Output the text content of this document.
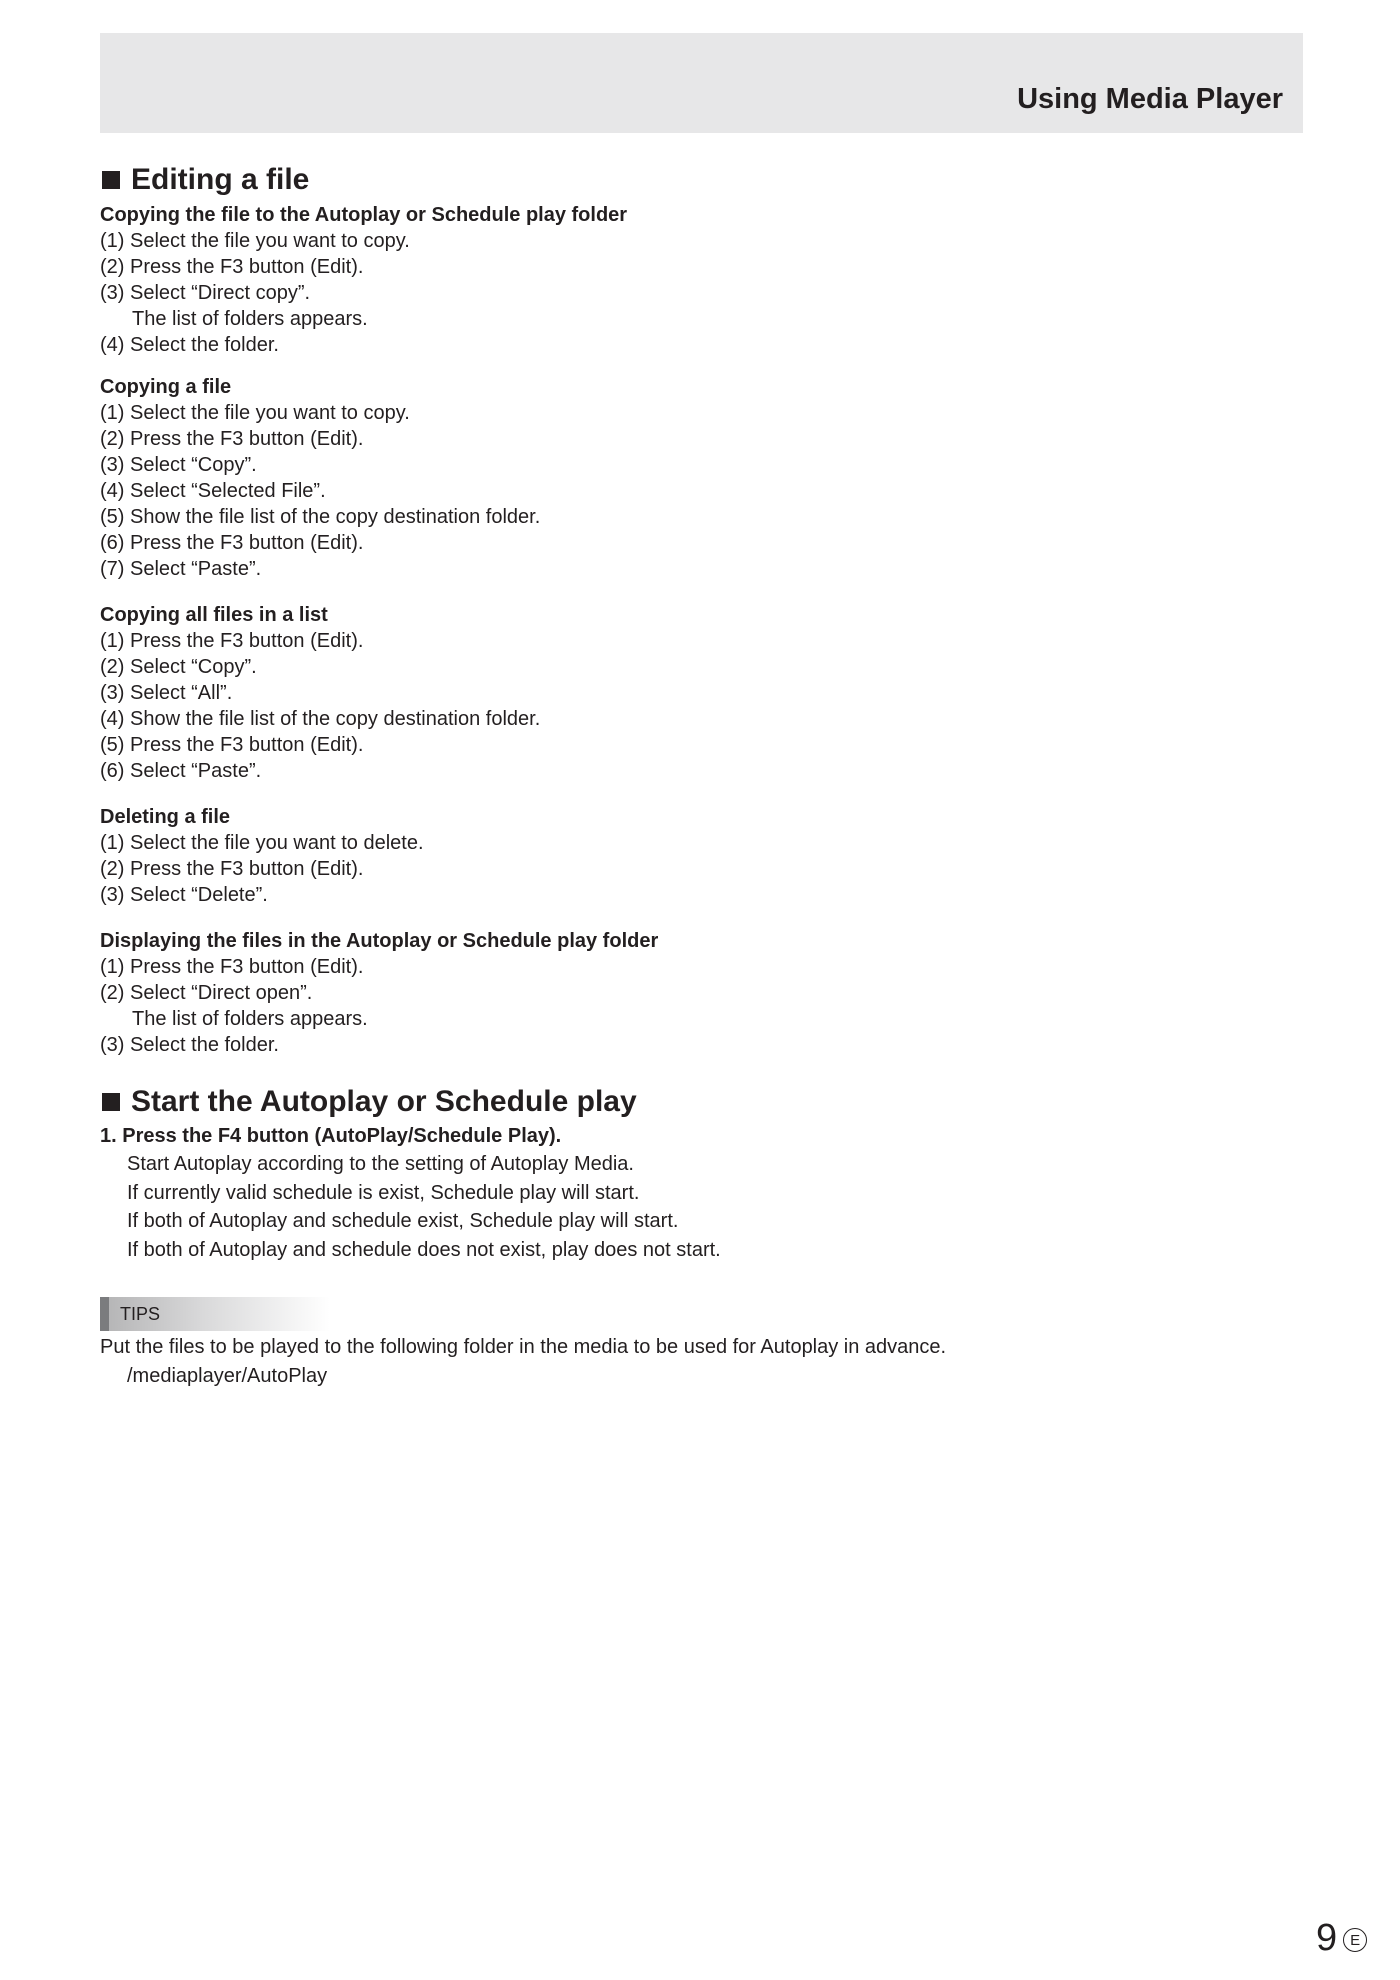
Using Media Player
Editing a file
Copying the file to the Autoplay or Schedule play folder
(1) Select the file you want to copy.
(2) Press the F3 button (Edit).
(3) Select “Direct copy”.
The list of folders appears.
(4) Select the folder.
Copying a file
(1) Select the file you want to copy.
(2) Press the F3 button (Edit).
(3) Select “Copy”.
(4) Select “Selected File”.
(5) Show the file list of the copy destination folder.
(6) Press the F3 button (Edit).
(7) Select “Paste”.
Copying all files in a list
(1) Press the F3 button (Edit).
(2) Select “Copy”.
(3) Select “All”.
(4) Show the file list of the copy destination folder.
(5) Press the F3 button (Edit).
(6) Select “Paste”.
Deleting a file
(1) Select the file you want to delete.
(2) Press the F3 button (Edit).
(3) Select “Delete”.
Displaying the files in the Autoplay or Schedule play folder
(1) Press the F3 button (Edit).
(2) Select “Direct open”.
The list of folders appears.
(3) Select the folder.
Start the Autoplay or Schedule play
1. Press the F4 button (AutoPlay/Schedule Play).
Start Autoplay according to the setting of Autoplay Media.
If currently valid schedule is exist, Schedule play will start.
If both of Autoplay and schedule exist, Schedule play will start.
If both of Autoplay and schedule does not exist, play does not start.
TIPS
Put the files to be played to the following folder in the media to be used for Autoplay in advance.
/mediaplayer/AutoPlay
9 E
